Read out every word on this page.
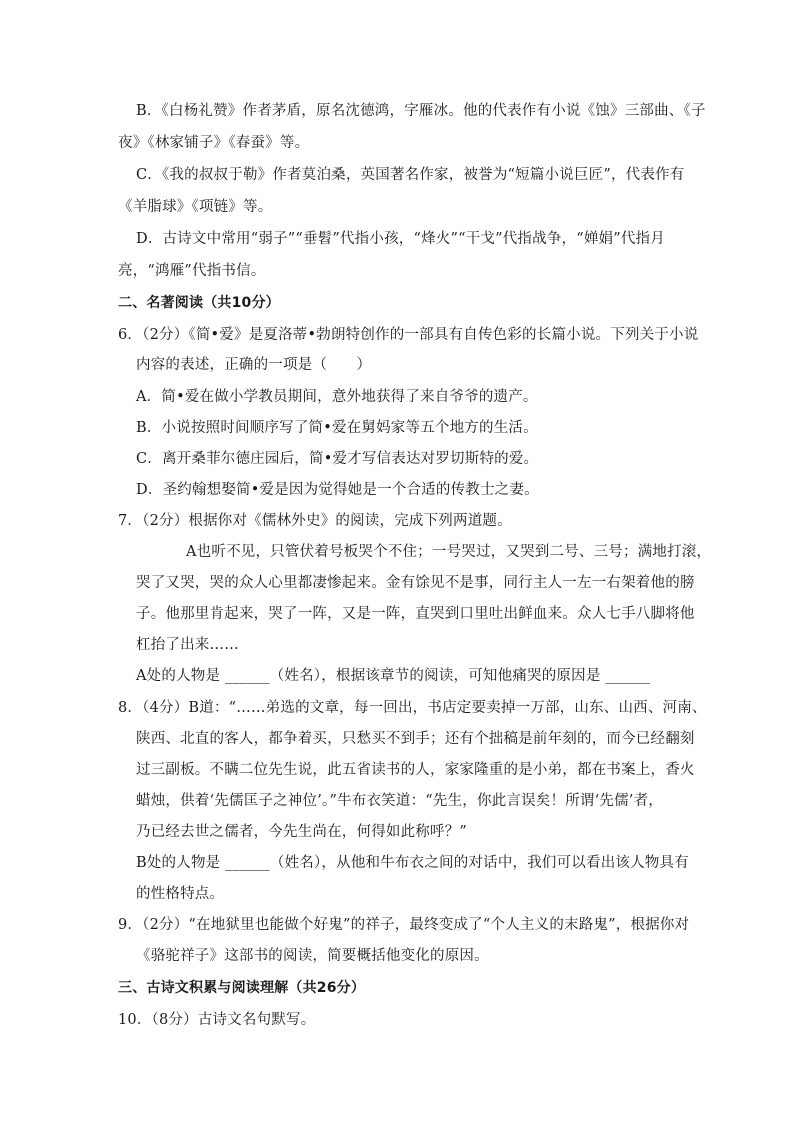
B．《白杨礼赞》作者茅盾，原名沈德鸿，字雁冰。他的代表作有小说《蚀》三部曲、《子
夜》《林家铺子》《春蚕》等。
C．《我的叔叔于勒》作者莫泊桑，英国著名作家，被誉为“短篇小说巨匠”，代表作有
《羊脂球》《项链》等。
D．古诗文中常用“弱子”“垂髫”代指小孩，“烽火”“干戈”代指战争，“婵娟”代指月
亮，“鸿雁”代指书信。
二、名著阅读（共10分）
6．（2分）《简•爱》是夏洛蒂•勃朗特创作的一部具有自传色彩的长篇小说。下列关于小说
内容的表述，正确的一项是（　　）
A．简•爱在做小学教员期间，意外地获得了来自爷爷的遗产。
B．小说按照时间顺序写了简•爱在舅妈家等五个地方的生活。
C．离开桑菲尔德庄园后，简•爱才写信表达对罗切斯特的爱。
D．圣约翰想娶简•爱是因为觉得她是一个合适的传教士之妻。
7．（2分）根据你对《儒林外史》的阅读，完成下列两道题。
A也听不见，只管伏着号板哭个不住；一号哭过，又哭到二号、三号；满地打滚，
哭了又哭，哭的众人心里都凄惨起来。金有馀见不是事，同行主人一左一右架着他的膀
子。他那里肯起来，哭了一阵，又是一阵，直哭到口里吐出鲜血来。众人七手八脚将他
杠抬了出来……
A处的人物是 ______（姓名），根据该章节的阅读，可知他痛哭的原因是 ______
8．（4分）B道：“……弟选的文章，每一回出，书店定要卖掉一万部，山东、山西、河南、
陕西、北直的客人，都争着买，只愁买不到手；还有个拙稿是前年刻的，而今已经翻刻
过三副板。不瞒二位先生说，此五省读书的人，家家隆重的是小弟，都在书案上，香火
蜡烛，供着‘先儒匡子之神位’。”牛布衣笑道：“先生，你此言误矣！所谓‘先儒’者，
乃已经去世之儒者，今先生尚在，何得如此称呼？”
B处的人物是 ______（姓名），从他和牛布衣之间的对话中，我们可以看出该人物具有
的性格特点。
9．（2分）“在地狱里也能做个好鬼”的祥子，最终变成了“个人主义的末路鬼”，根据你对
《骆驼祥子》这部书的阅读，简要概括他变化的原因。
三、古诗文积累与阅读理解（共26分）
10．（8分）古诗文名句默写。
